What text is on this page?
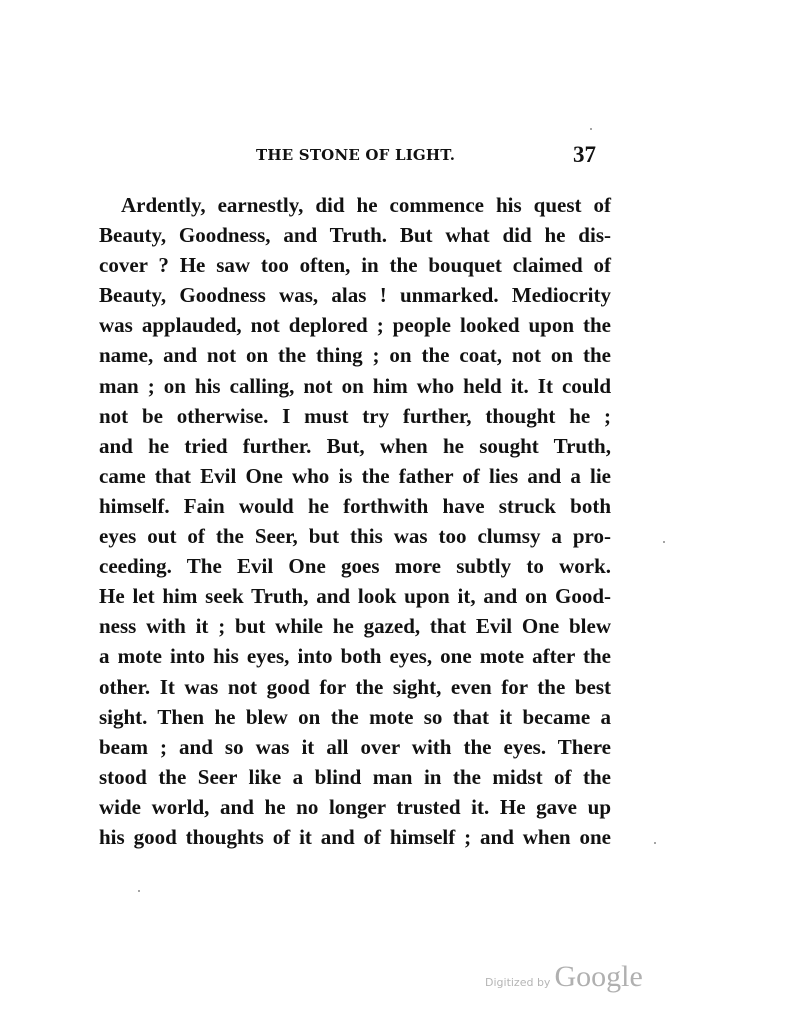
THE STONE OF LIGHT.	37
Ardently, earnestly, did he commence his quest of
Beauty, Goodness, and Truth. But what did he dis-
cover ? He saw too often, in the bouquet claimed of
Beauty, Goodness was, alas ! unmarked. Mediocrity
was applauded, not deplored ; people looked upon the
name, and not on the thing ; on the coat, not on the
man ; on his calling, not on him who held it. It could
not be otherwise. I must try further, thought he ;
and he tried further. But, when he sought Truth,
came that Evil One who is the father of lies and a lie
himself. Fain would he forthwith have struck both
eyes out of the Seer, but this was too clumsy a pro-
ceeding. The Evil One goes more subtly to work.
He let him seek Truth, and look upon it, and on Good-
ness with it ; but while he gazed, that Evil One blew
a mote into his eyes, into both eyes, one mote after the
other. It was not good for the sight, even for the best
sight. Then he blew on the mote so that it became a
beam ; and so was it all over with the eyes. There
stood the Seer like a blind man in the midst of the
wide world, and he no longer trusted it. He gave up
his good thoughts of it and of himself ; and when one
Digitized by Google
